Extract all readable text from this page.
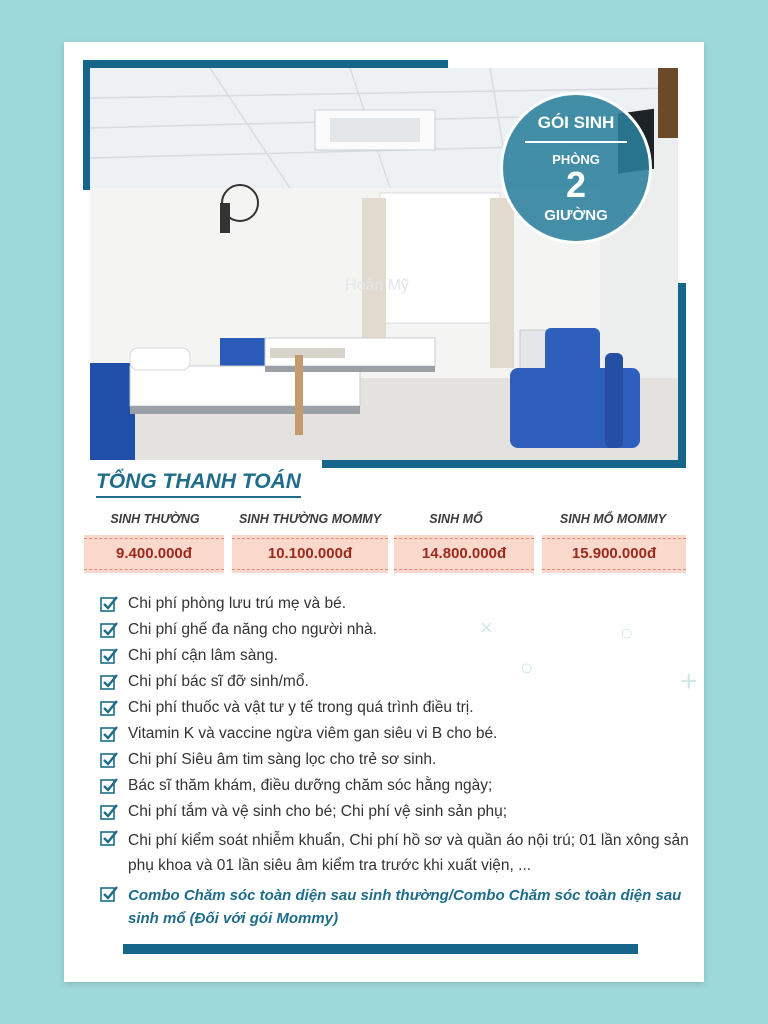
Hoàn Mỹ
GÓI SINH
PHÒNG
2
GIƯỜNG
TỔNG THANH TOÁN
SINH THƯỜNG	SINH THƯỜNG MOMMY	SINH MỔ	SINH MỔ MOMMY
9.400.000đ	10.100.000đ	14.800.000đ	15.900.000đ
○	+
×	○
Chi phí phòng lưu trú mẹ và bé.
Chi phí ghế đa năng cho người nhà.
Chi phí cận lâm sàng.
Chi phí bác sĩ đỡ sinh/mổ.
Chi phí thuốc và vật tư y tế trong quá trình điều trị.
Vitamin K và vaccine ngừa viêm gan siêu vi B cho bé.
Chi phí Siêu âm tim sàng lọc cho trẻ sơ sinh.
Bác sĩ thăm khám, điều dưỡng chăm sóc hằng ngày;
Chi phí tắm và vệ sinh cho bé; Chi phí vệ sinh sản phụ;
Chi phí kiểm soát nhiễm khuẩn, Chi phí hồ sơ và quần áo nội trú; 01 lần xông sản phụ khoa và 01 lần siêu âm kiểm tra trước khi xuất viện, ...
Combo Chăm sóc toàn diện sau sinh thường/Combo Chăm sóc toàn diện sau sinh mổ (Đối với gói Mommy)
